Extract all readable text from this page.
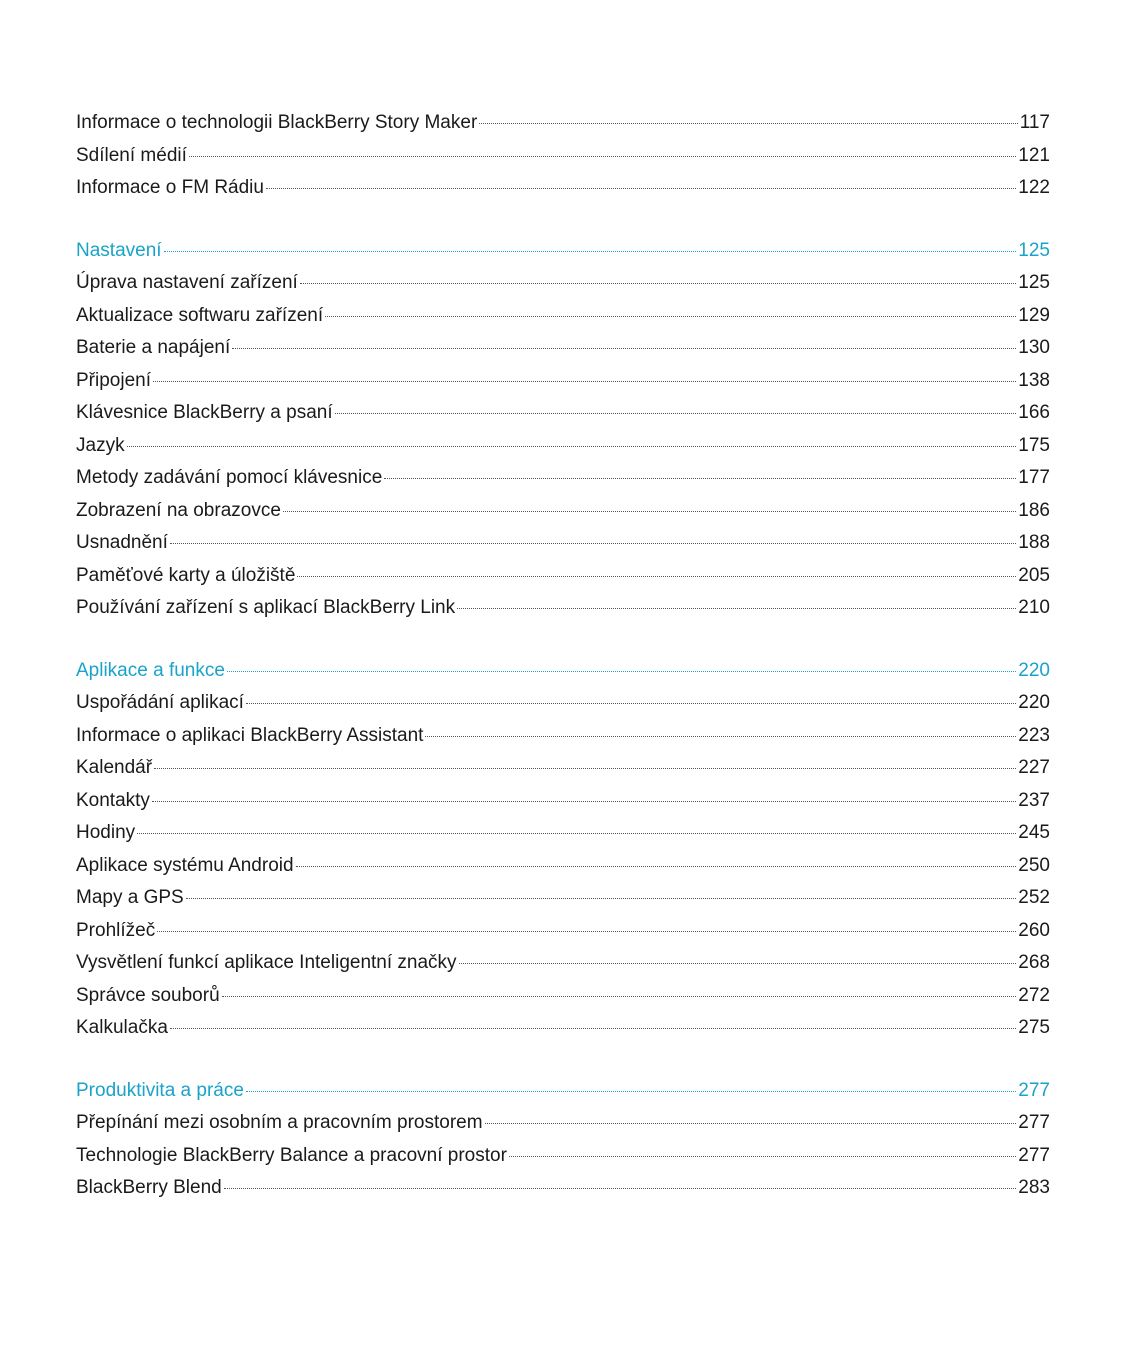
Informace o technologii BlackBerry Story Maker	117
Sdílení médií	121
Informace o FM Rádiu	122
Nastavení	125
Úprava nastavení zařízení	125
Aktualizace softwaru zařízení	129
Baterie a napájení	130
Připojení	138
Klávesnice BlackBerry a psaní	166
Jazyk	175
Metody zadávání pomocí klávesnice	177
Zobrazení na obrazovce	186
Usnadnění	188
Paměťové karty a úložiště	205
Používání zařízení s aplikací BlackBerry Link	210
Aplikace a funkce	220
Uspořádání aplikací	220
Informace o aplikaci BlackBerry Assistant	223
Kalendář	227
Kontakty	237
Hodiny	245
Aplikace systému Android	250
Mapy a GPS	252
Prohlížeč	260
Vysvětlení funkcí aplikace Inteligentní značky	268
Správce souborů	272
Kalkulačka	275
Produktivita a práce	277
Přepínání mezi osobním a pracovním prostorem	277
Technologie BlackBerry Balance a pracovní prostor	277
BlackBerry Blend	283
